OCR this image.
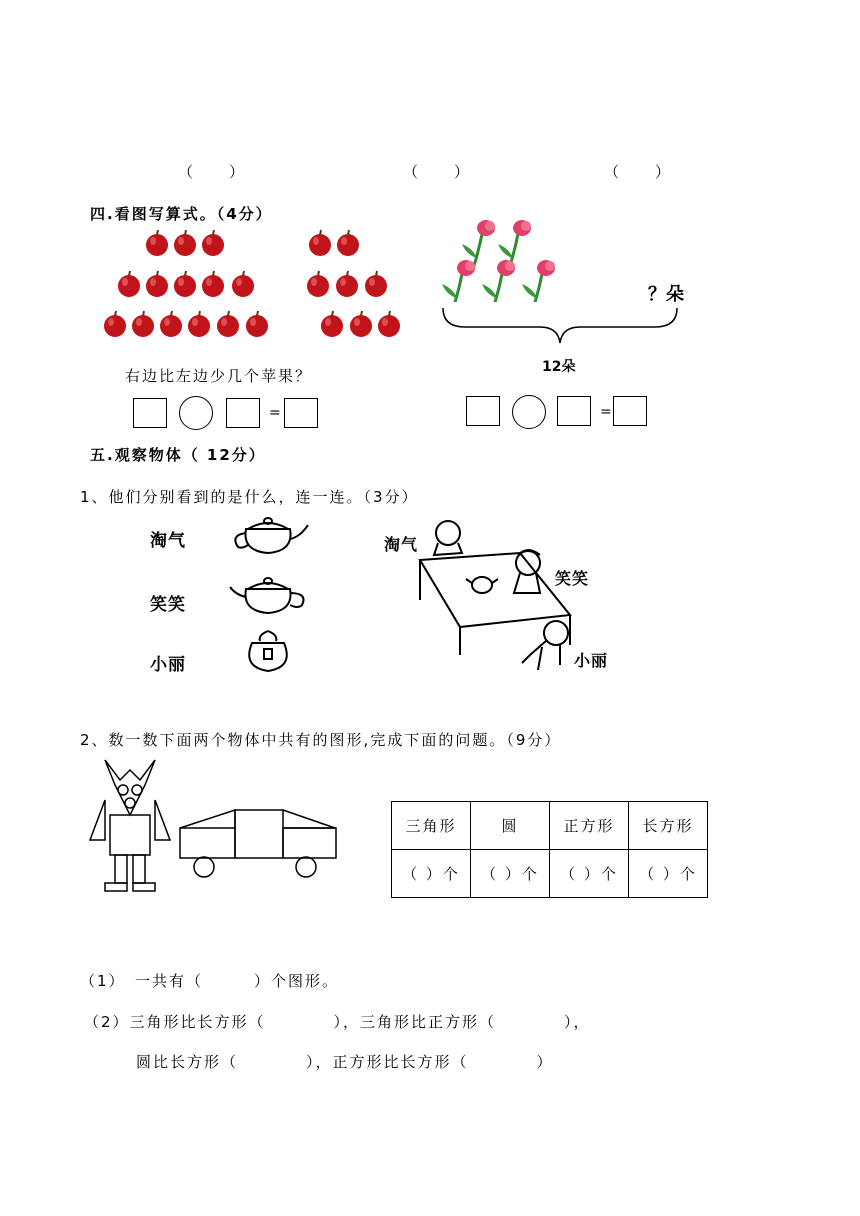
（　　）	（　　）	（　　）
四.看图写算式。（4分）
？朵
12朵
右边比左边少几个苹果？
=	=
五.观察物体（ 12分）
1、他们分别看到的是什么，连一连。（3分）
淘气
笑笑
小丽
淘气
笑笑
小丽
2、数一数下面两个物体中共有的图形,完成下面的问题。（9分）
三角形	圆	正方形	长方形
（ ）个	（ ）个	（ ）个	（ ）个
（1）　一共有（　　　）个图形。
（2）三角形比长方形（　　　　），三角形比正方形（　　　　），
圆比长方形（　　　　），正方形比长方形（　　　　）
